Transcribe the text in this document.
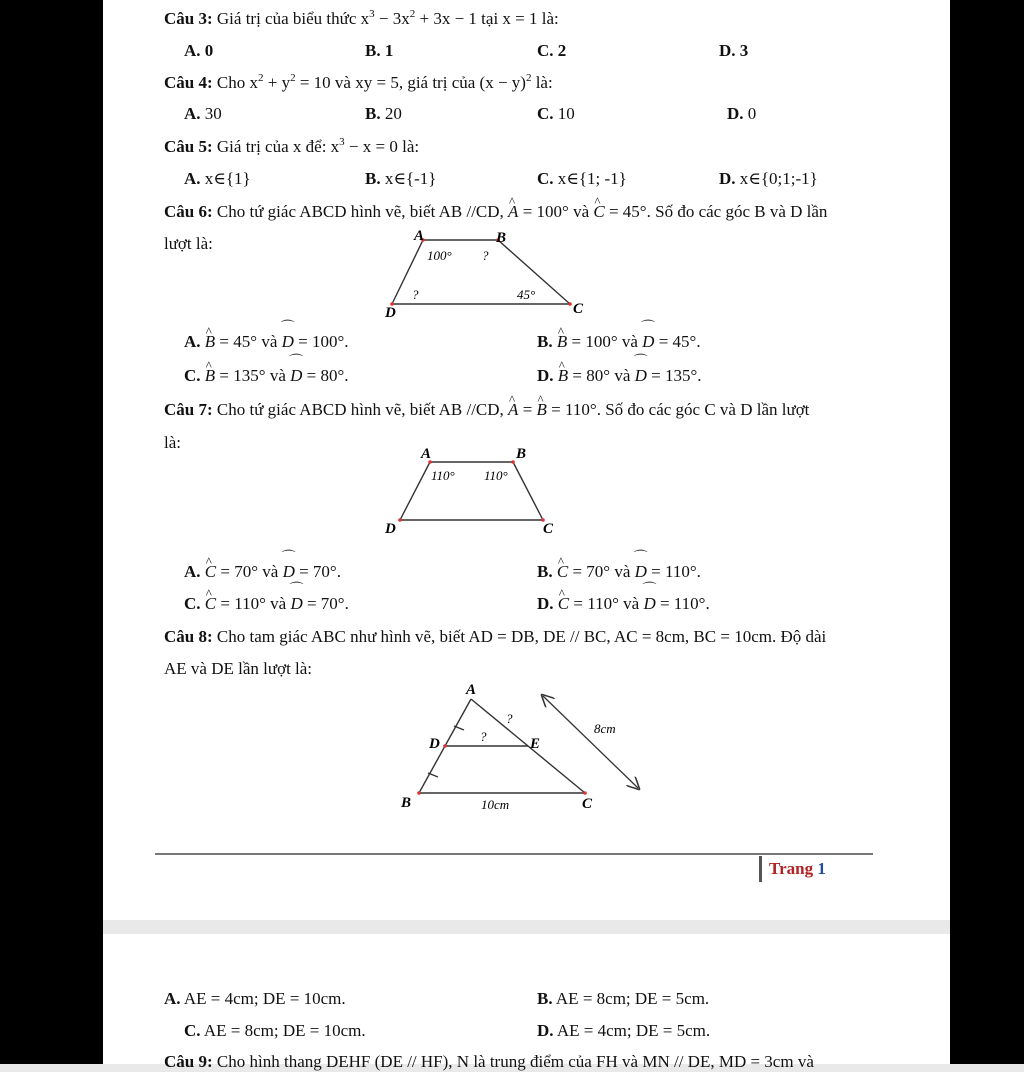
Câu 3: Giá trị của biểu thức $x^3 - 3x^2 + 3x - 1$ tại x = 1 là:
A. 0	B. 1	C. 2	D. 3
Câu 4: Cho $x^2 + y^2 = 10$ và xy = 5, giá trị của $(x - y)^2$ là:
A. 30	B. 20	C. 10	D. 0
Câu 5: Giá trị của x để: $x^3 - x = 0$ là:
A. x∈{1}	B. x∈{-1}	C. x∈{1; -1}	D. x∈{0;1;-1}
Câu 6: Cho tứ giác ABCD hình vẽ, biết AB //CD, ^ A = 100° và ^ C = 45°. Số đo các góc B và D lần
lượt là:	A	B
C
D
100° ?
45°
?
A. ^ B = 45° và ⌒ D = 100°.	B. ^ B = 100° và ⌒ D = 45°.
C. ^ B = 135° và ⌒ D = 80°.	D. ^ B = 80° và ⌒ D = 135°.
Câu 7: Cho tứ giác ABCD hình vẽ, biết AB //CD, ^ A = ^ B = 110°. Số đo các góc C và D lần lượt
là:
A	B
C
D
110° 110°
A. ^ C = 70° và ⌒ D = 70°.	B. ^ C = 70° và ⌒ D = 110°.
C. ^ C = 110° và ⌒ D = 70°.	D. ^ C = 110° và ⌒ D = 110°.
Câu 8: Cho tam giác ABC như hình vẽ, biết AD = DB, DE // BC, AC = 8cm, BC = 10cm. Độ dài
AE và DE lần lượt là:
A
B	C
D	E
?
?
8cm
10cm
Trang 1
A. AE = 4cm; DE = 10cm.	B. AE = 8cm; DE = 5cm.
C. AE = 8cm; DE = 10cm.	D. AE = 4cm; DE = 5cm.
Câu 9: Cho hình thang DEHF (DE // HF), N là trung điểm của FH và MN // DE, MD = 3cm và
